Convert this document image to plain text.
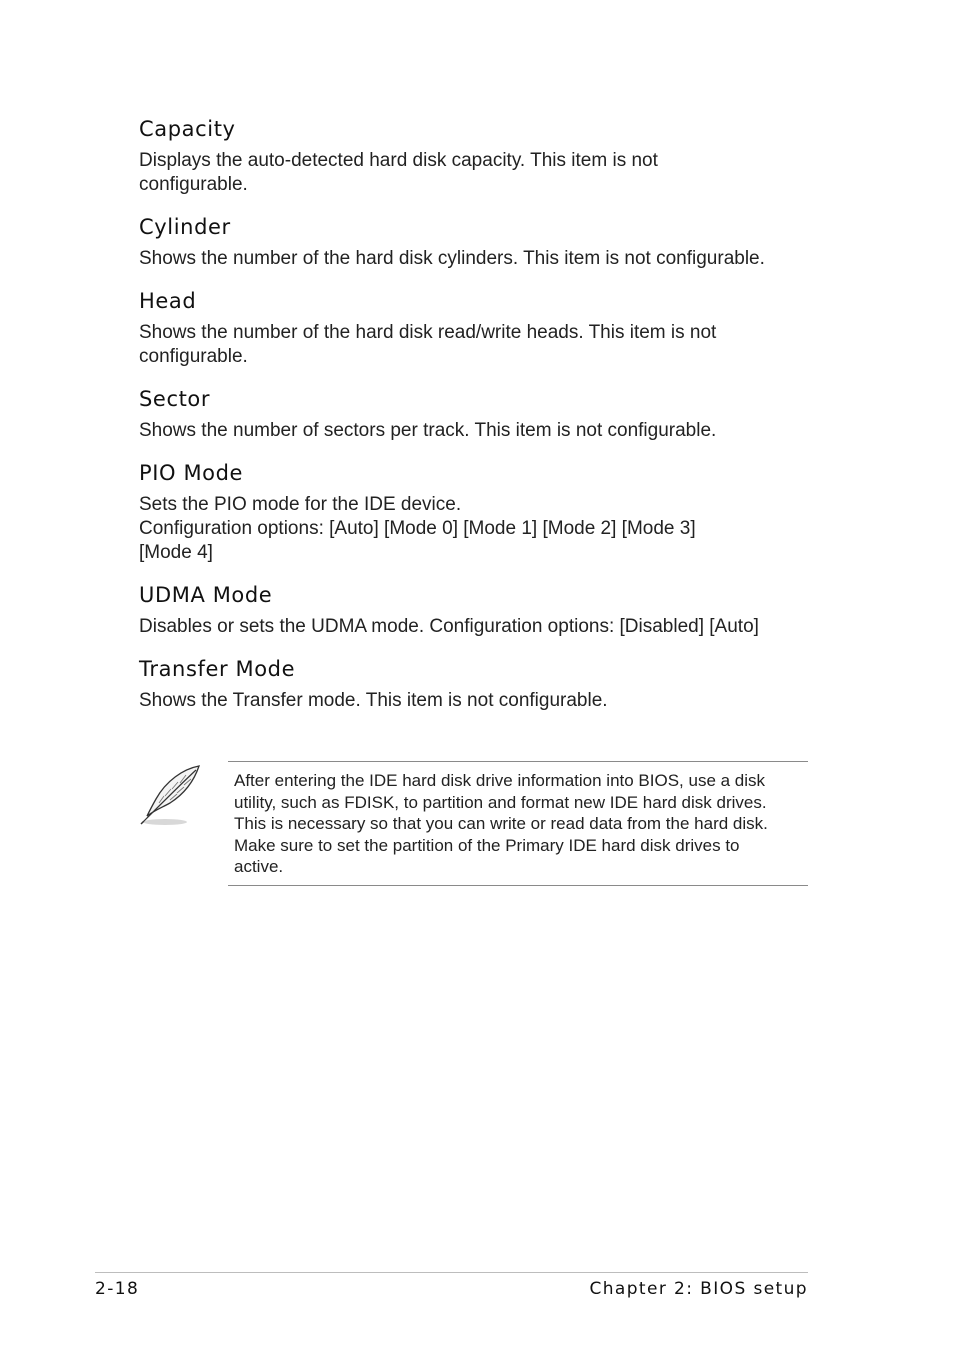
Capacity

Displays the auto-detected hard disk capacity. This item is not
configurable.

Cylinder

Shows the number of the hard disk cylinders. This item is not configurable.

Head

Shows the number of the hard disk read/write heads. This item is not
configurable.

Sector

Shows the number of sectors per track. This item is not configurable.

PIO Mode

Sets the PIO mode for the IDE device.
Configuration options: [Auto] [Mode 0] [Mode 1] [Mode 2] [Mode 3]
[Mode 4]

UDMA Mode

Disables or sets the UDMA mode. Configuration options: [Disabled] [Auto]

Transfer Mode

Shows the Transfer mode. This item is not configurable.

After entering the IDE hard disk drive information into BIOS, use a disk
utility, such as FDISK, to partition and format new IDE hard disk drives.
This is necessary so that you can write or read data from the hard disk.
Make sure to set the partition of the Primary IDE hard disk drives to
active.

2-18	Chapter 2: BIOS setup
